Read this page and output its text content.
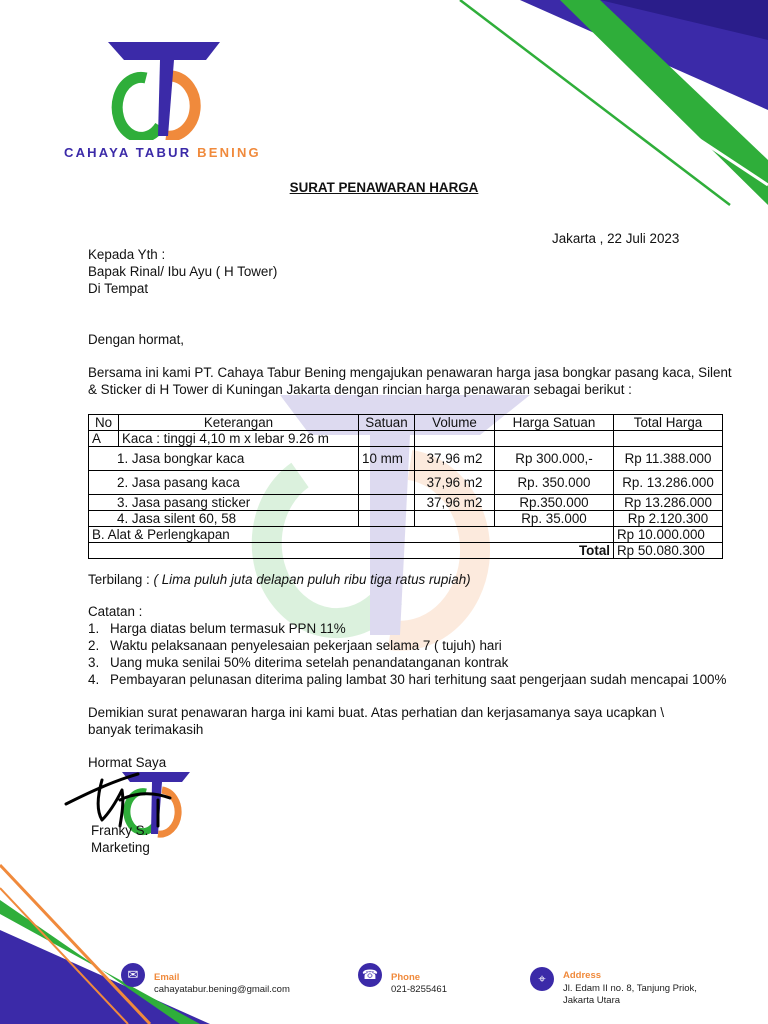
CAHAYA TABUR BENING
SURAT PENAWARAN HARGA
Jakarta , 22 Juli 2023
Kepada Yth :
Bapak Rinal/ Ibu Ayu ( H Tower)
Di Tempat
Dengan hormat,
Bersama ini kami PT. Cahaya Tabur Bening mengajukan penawaran harga jasa bongkar pasang kaca, Silent
& Sticker di H Tower di Kuningan Jakarta dengan rincian harga penawaran sebagai berikut :
No	Keterangan	Satuan	Volume	Harga Satuan	Total Harga
A	Kaca : tinggi 4,10 m x lebar 9.26 m				
1. Jasa bongkar kaca		10 mm	37,96 m2	Rp 300.000,-	Rp 11.388.000
2. Jasa pasang kaca			37,96 m2	Rp. 350.000	Rp. 13.286.000
3. Jasa pasang sticker			37,96 m2	Rp.350.000	Rp 13.286.000
4. Jasa silent 60, 58				Rp. 35.000	Rp 2.120.300
B. Alat & Perlengkapan					Rp 10.000.000
Total					Rp 50.080.300
Terbilang : ( Lima puluh juta delapan puluh ribu tiga ratus rupiah)
Catatan :
1. Harga diatas belum termasuk PPN 11%
2. Waktu pelaksanaan penyelesaian pekerjaan selama 7 ( tujuh) hari
3. Uang muka senilai 50% diterima setelah penandatanganan kontrak
4. Pembayaran pelunasan diterima paling lambat 30 hari terhitung saat pengerjaan sudah mencapai 100%
Demikian surat penawaran harga ini kami buat. Atas perhatian dan kerjasamanya saya ucapkan \
banyak terimakasih
Hormat Saya
Franky S.
Marketing
✉	Email
cahayatabur.bening@gmail.com
☎	Phone
021-8255461
⌖	Address
Jl. Edam II no. 8, Tanjung Priok,
Jakarta Utara
